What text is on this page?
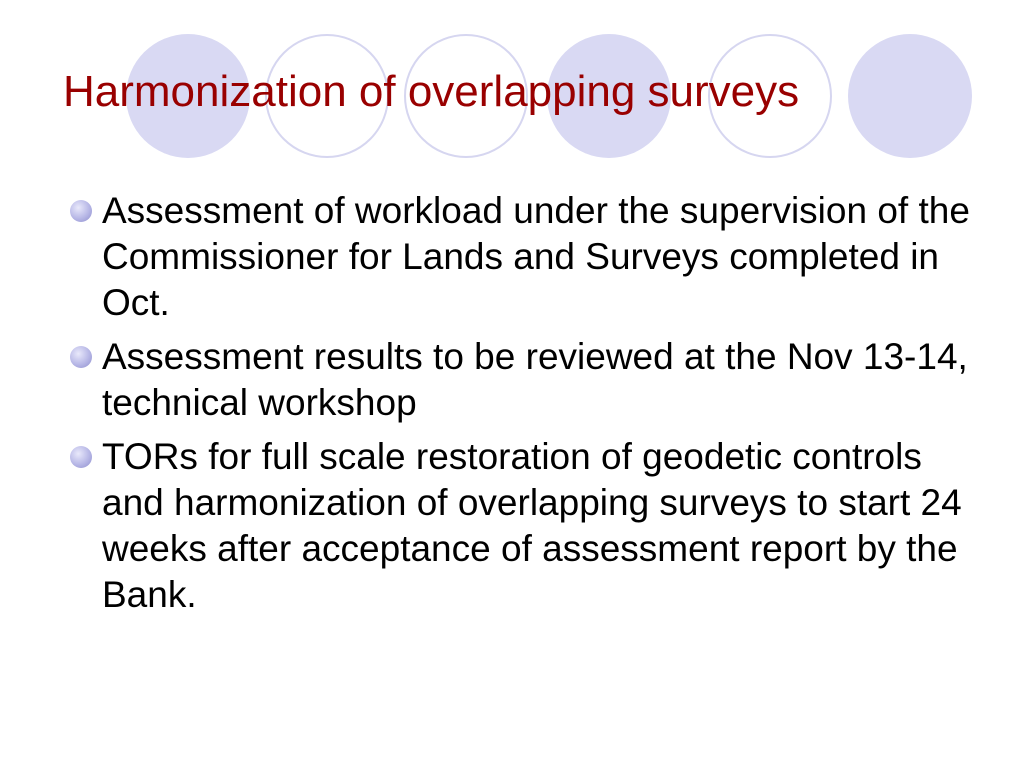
Harmonization of overlapping surveys
Assessment of workload under the supervision of the Commissioner for Lands and Surveys completed in Oct.
Assessment results to be reviewed at the Nov 13-14, technical workshop
TORs for full scale restoration of geodetic controls and harmonization of overlapping surveys to start 24 weeks after acceptance of assessment report by the Bank.
